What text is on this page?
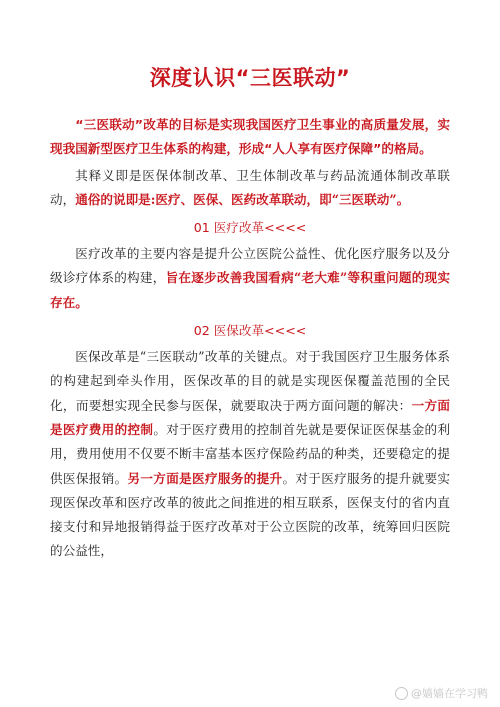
深度认识“三医联动”

“三医联动”改革的目标是实现我国医疗卫生事业的高质量发展，实现我国新型医疗卫生体系的构建，形成“人人享有医疗保障”的格局。

其释义即是医保体制改革、卫生体制改革与药品流通体制改革联动，通俗的说即是:医疗、医保、医药改革联动，即“三医联动”。

01 医疗改革<<<<

医疗改革的主要内容是提升公立医院公益性、优化医疗服务以及分级诊疗体系的构建，旨在逐步改善我国看病“老大难”等积重问题的现实存在。

02 医保改革<<<<

医保改革是“三医联动”改革的关键点。对于我国医疗卫生服务体系的构建起到牵头作用，医保改革的目的就是实现医保覆盖范围的全民化，而要想实现全民参与医保，就要取决于两方面问题的解决：一方面是医疗费用的控制。对于医疗费用的控制首先就是要保证医保基金的利用，费用使用不仅要不断丰富基本医疗保险药品的种类，还要稳定的提供医保报销。另一方面是医疗服务的提升。对于医疗服务的提升就要实现医保改革和医疗改革的彼此之间推进的相互联系，医保支付的省内直接支付和异地报销得益于医疗改革对于公立医院的改革，统筹回归医院的公益性，

@嫱嫱在学习鸭
